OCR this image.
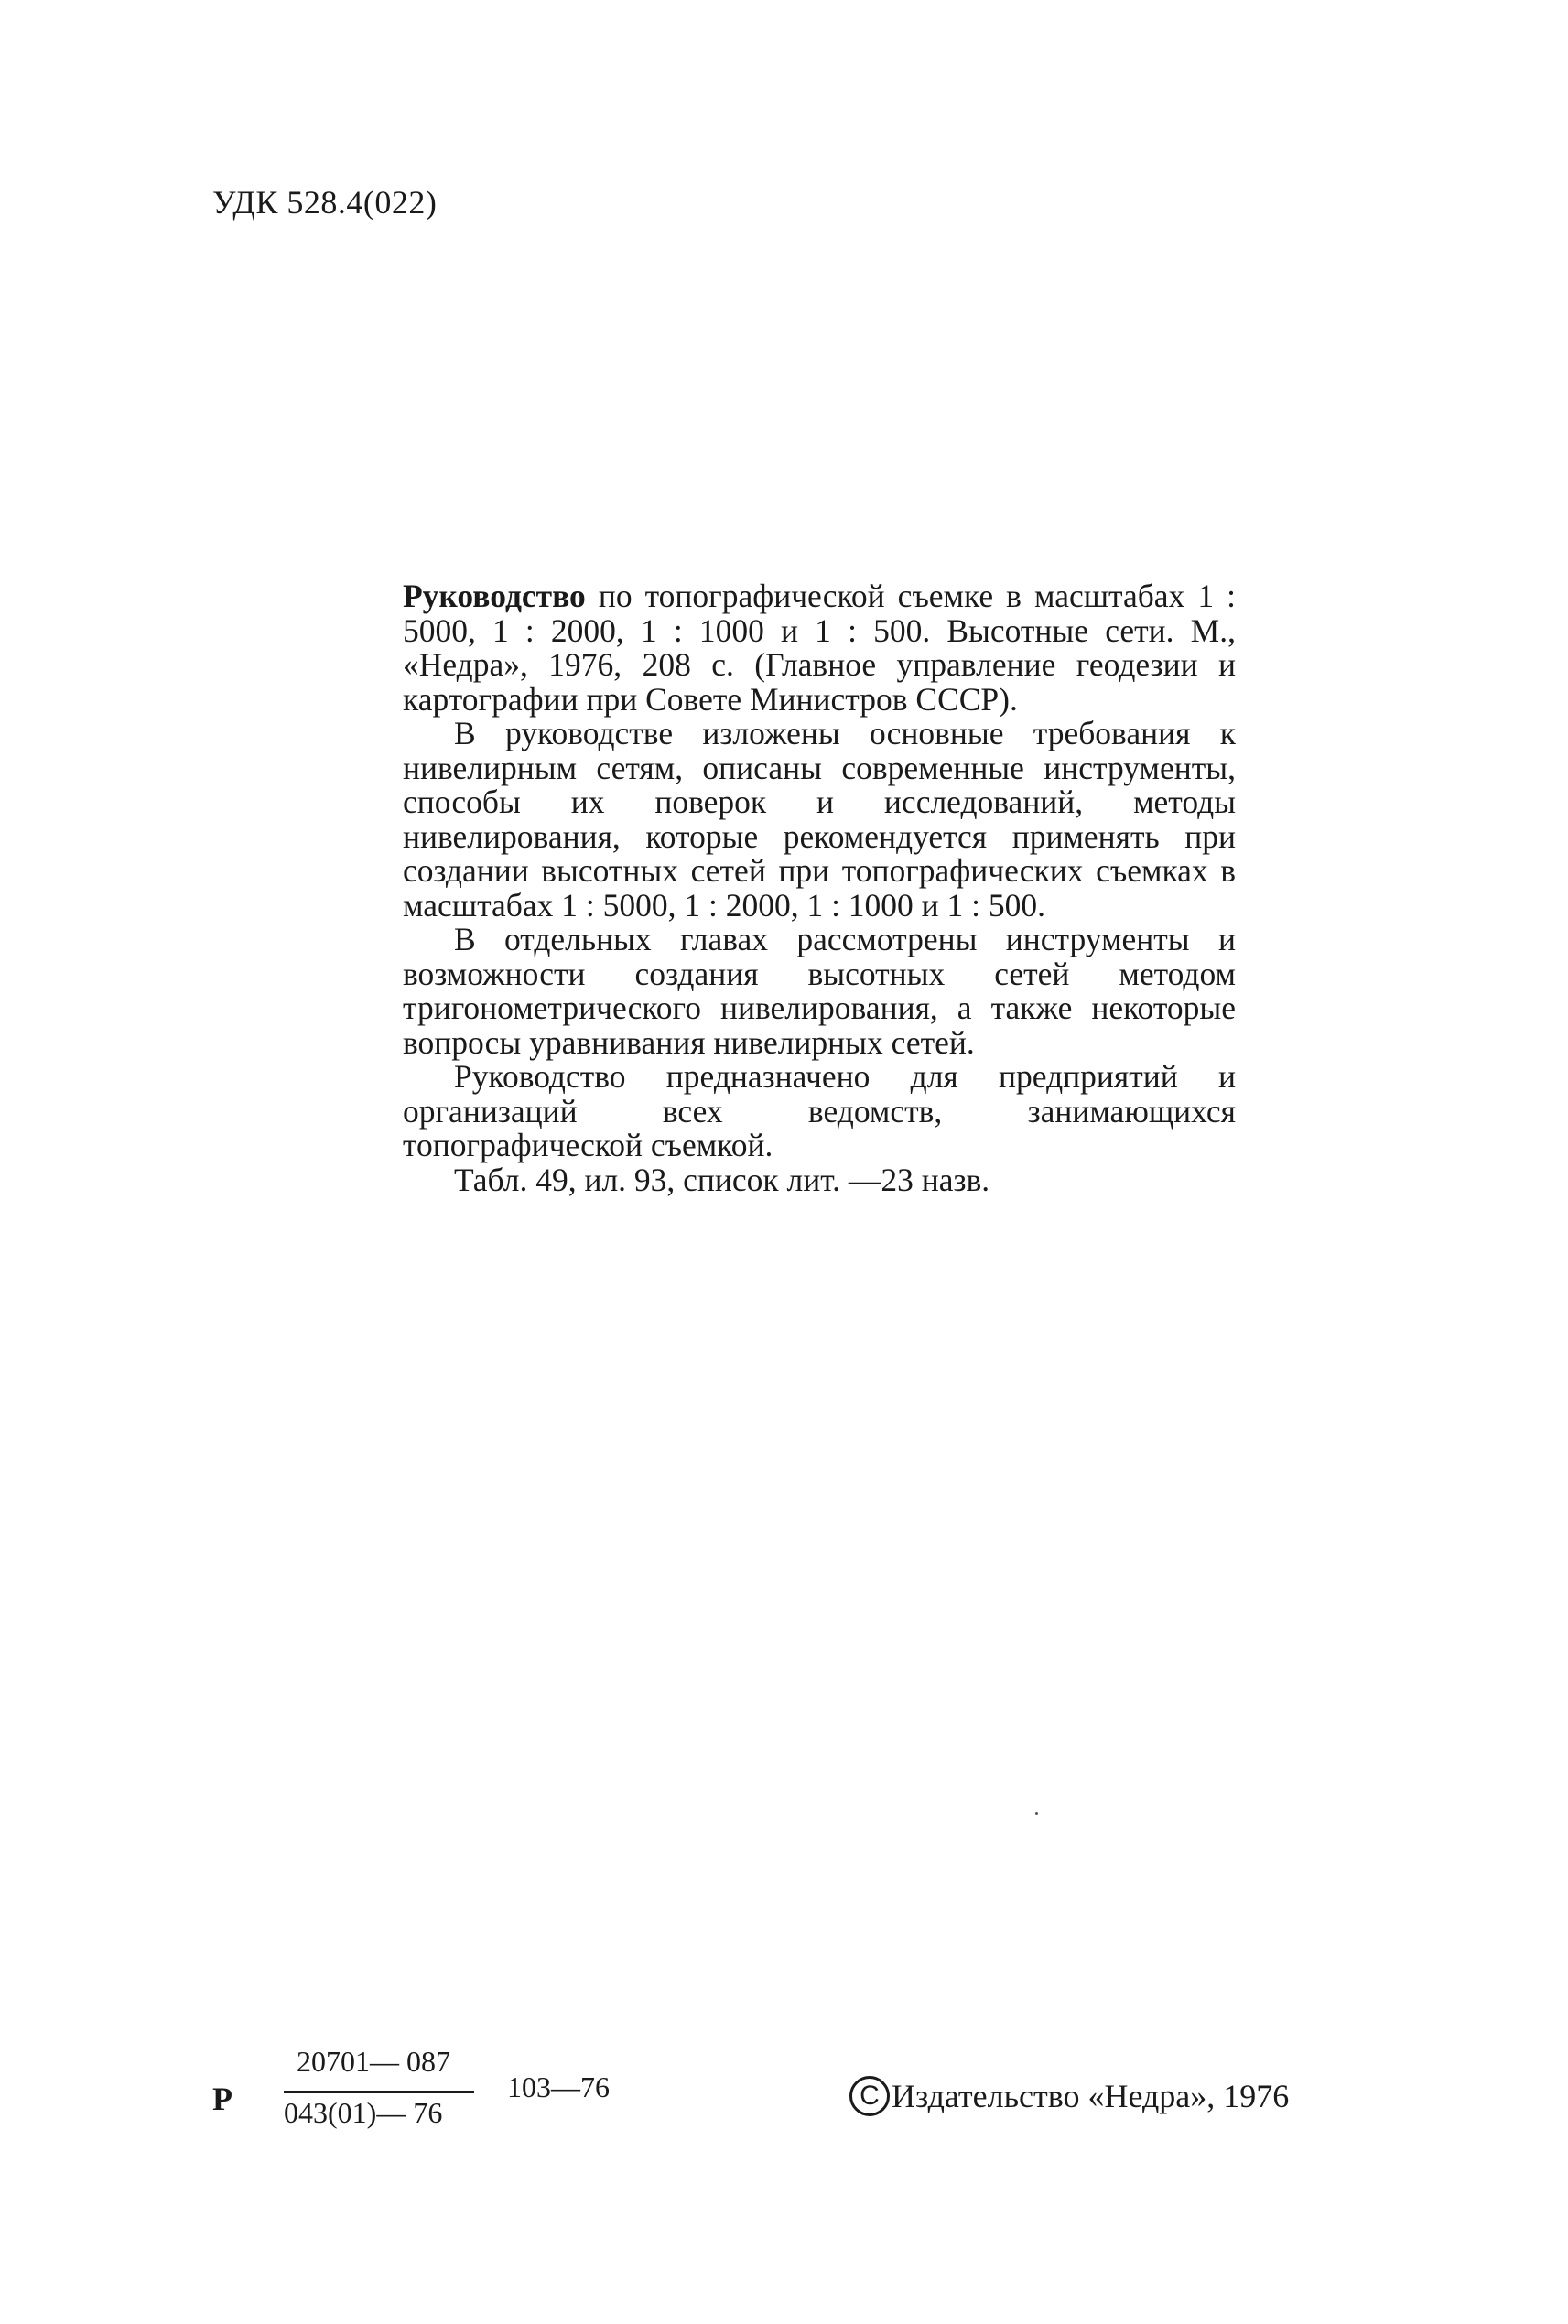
УДК 528.4(022)

Руководство по топографической съемке в масштабах 1 : 5000, 1 : 2000, 1 : 1000 и 1 : 500. Высотные сети. М., «Недра», 1976, 208 с. (Главное управление геодезии и картографии при Совете Министров СССР).

В руководстве изложены основные требования к нивелирным сетям, описаны современные инструменты, способы их поверок и исследований, методы нивелирования, которые рекомендуется применять при создании высотных сетей при топографических съемках в масштабах 1 : 5000, 1 : 2000, 1 : 1000 и 1 : 500.

В отдельных главах рассмотрены инструменты и возможности создания высотных сетей методом тригонометрического нивелирования, а также некоторые вопросы уравнивания нивелирных сетей.

Руководство предназначено для предприятий и организаций всех ведомств, занимающихся топографической съемкой.

Табл. 49, ил. 93, список лит. —23 назв.

Р
20701— 087
043(01)— 76
103—76	C Издательство «Недра», 1976
